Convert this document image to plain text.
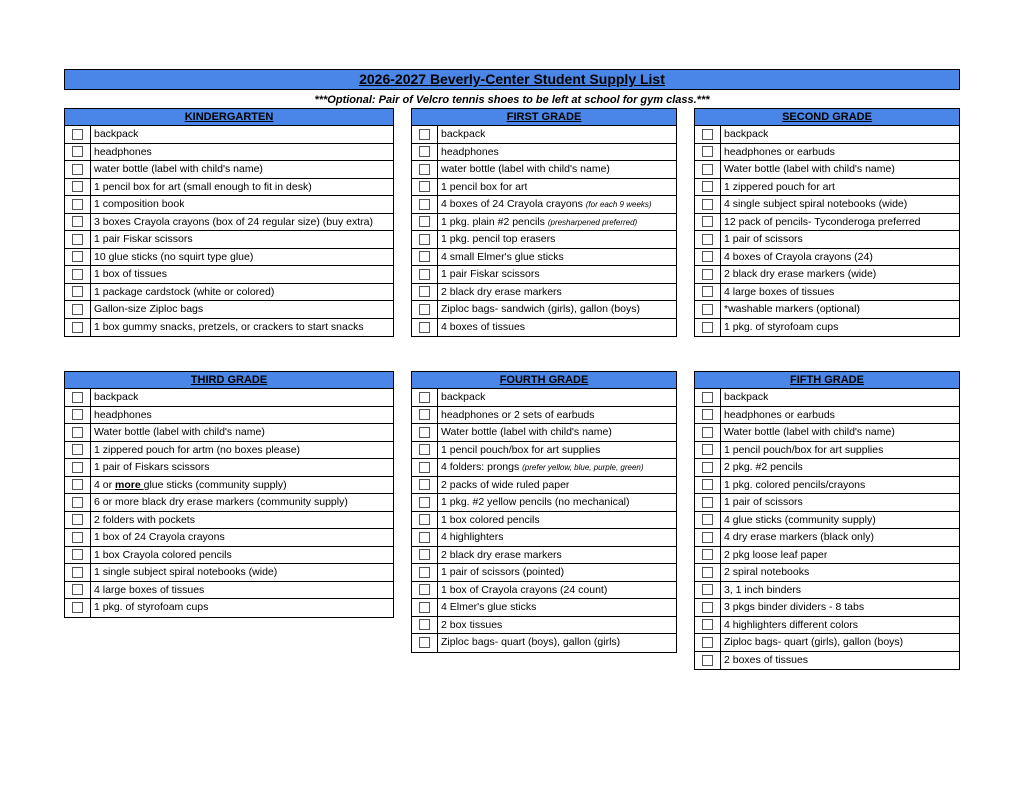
2026-2027 Beverly-Center Student Supply List
***Optional: Pair of Velcro tennis shoes to be left at school for gym class.***
KINDERGARTEN
backpack
headphones
water bottle (label with child's name)
1 pencil box for art (small enough to fit in desk)
1 composition book
3 boxes Crayola crayons (box of 24 regular size) (buy extra)
1 pair Fiskar scissors
10 glue sticks (no squirt type glue)
1 box of tissues
1 package cardstock (white or colored)
Gallon-size Ziploc bags
1 box gummy snacks, pretzels, or crackers to start snacks
FIRST GRADE
backpack
headphones
water bottle (label with child's name)
1 pencil box for art
4 boxes of 24 Crayola crayons (for each 9 weeks)
1 pkg. plain #2 pencils (presharpened preferred)
1 pkg. pencil top erasers
4 small Elmer's glue sticks
1 pair Fiskar scissors
2 black dry erase markers
Ziploc bags- sandwich (girls), gallon (boys)
4 boxes of tissues
SECOND GRADE
backpack
headphones or earbuds
Water bottle (label with child's name)
1 zippered pouch for art
4 single subject spiral notebooks (wide)
12 pack of pencils- Tyconderoga preferred
1 pair of scissors
4 boxes of Crayola crayons (24)
2 black dry erase markers (wide)
4 large boxes of tissues
*washable markers (optional)
1 pkg. of styrofoam cups
THIRD GRADE
backpack
headphones
Water bottle (label with child's name)
1 zippered pouch for artm (no boxes please)
1 pair of Fiskars scissors
4 or more glue sticks (community supply)
6 or more black dry erase markers (community supply)
2 folders with pockets
1 box of 24 Crayola crayons
1 box Crayola colored pencils
1 single subject spiral notebooks (wide)
4 large boxes of tissues
1 pkg. of styrofoam cups
FOURTH GRADE
backpack
headphones or 2 sets of earbuds
Water bottle (label with child's name)
1 pencil pouch/box for art supplies
4 folders: prongs (prefer yellow, blue, purple, green)
2 packs of wide ruled paper
1 pkg. #2 yellow pencils (no mechanical)
1 box colored pencils
4 highlighters
2 black dry erase markers
1 pair of scissors (pointed)
1 box of Crayola crayons (24 count)
4 Elmer's glue sticks
2 box tissues
Ziploc bags- quart (boys), gallon (girls)
FIFTH GRADE
backpack
headphones or earbuds
Water bottle (label with child's name)
1 pencil pouch/box for art supplies
2 pkg. #2 pencils
1 pkg. colored pencils/crayons
1 pair of scissors
4 glue sticks (community supply)
4 dry erase markers (black only)
2 pkg loose leaf paper
2 spiral notebooks
3, 1 inch binders
3 pkgs binder dividers - 8 tabs
4 highlighters different colors
Ziploc bags- quart (girls), gallon (boys)
2 boxes of tissues
